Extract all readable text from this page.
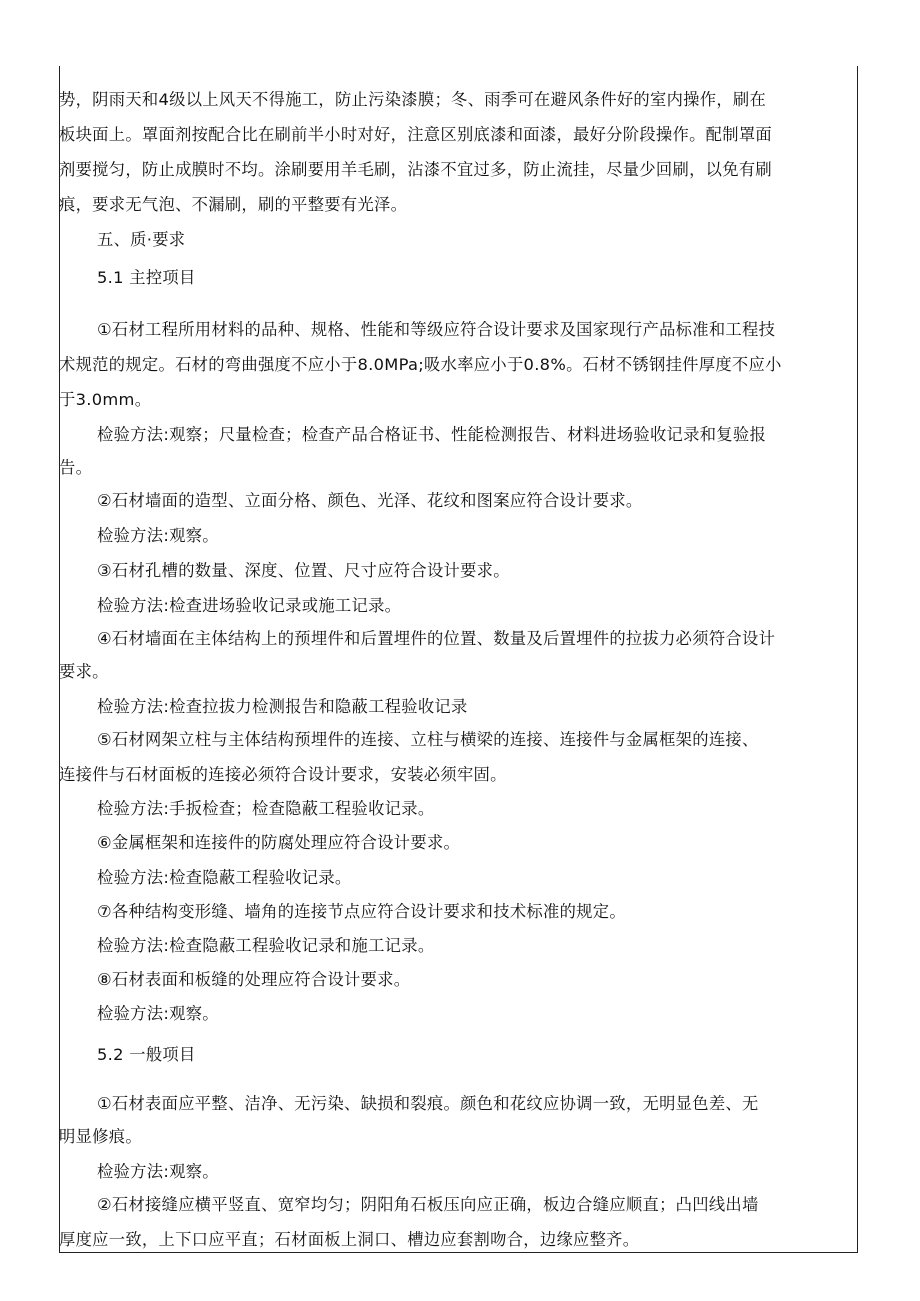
势，阴雨天和4级以上风天不得施工，防止污染漆膜；冬、雨季可在避风条件好的室内操作，刷在
板块面上。罩面剂按配合比在刷前半小时对好，注意区别底漆和面漆，最好分阶段操作。配制罩面
剂要搅匀，防止成膜时不均。涂刷要用羊毛刷，沾漆不宜过多，防止流挂，尽量少回刷，以免有刷
痕，要求无气泡、不漏刷，刷的平整要有光泽。
五、质·要求
5.1 主控项目
①石材工程所用材料的品种、规格、性能和等级应符合设计要求及国家现行产品标准和工程技
术规范的规定。石材的弯曲强度不应小于8.0MPa;吸水率应小于0.8%。石材不锈钢挂件厚度不应小
于3.0mm。
检验方法:观察；尺量检查；检查产品合格证书、性能检测报告、材料进场验收记录和复验报
告。
②石材墙面的造型、立面分格、颜色、光泽、花纹和图案应符合设计要求。
检验方法:观察。
③石材孔槽的数量、深度、位置、尺寸应符合设计要求。
检验方法:检查进场验收记录或施工记录。
④石材墙面在主体结构上的预埋件和后置埋件的位置、数量及后置埋件的拉拔力必须符合设计
要求。
检验方法:检查拉拔力检测报告和隐蔽工程验收记录
⑤石材网架立柱与主体结构预埋件的连接、立柱与横梁的连接、连接件与金属框架的连接、
连接件与石材面板的连接必须符合设计要求，安装必须牢固。
检验方法:手扳检查；检查隐蔽工程验收记录。
⑥金属框架和连接件的防腐处理应符合设计要求。
检验方法:检查隐蔽工程验收记录。
⑦各种结构变形缝、墙角的连接节点应符合设计要求和技术标准的规定。
检验方法:检查隐蔽工程验收记录和施工记录。
⑧石材表面和板缝的处理应符合设计要求。
检验方法:观察。
5.2 一般项目
①石材表面应平整、洁净、无污染、缺损和裂痕。颜色和花纹应协调一致，无明显色差、无
明显修痕。
检验方法:观察。
②石材接缝应横平竖直、宽窄均匀；阴阳角石板压向应正确，板边合缝应顺直；凸凹线出墙
厚度应一致，上下口应平直；石材面板上洞口、槽边应套割吻合，边缘应整齐。
